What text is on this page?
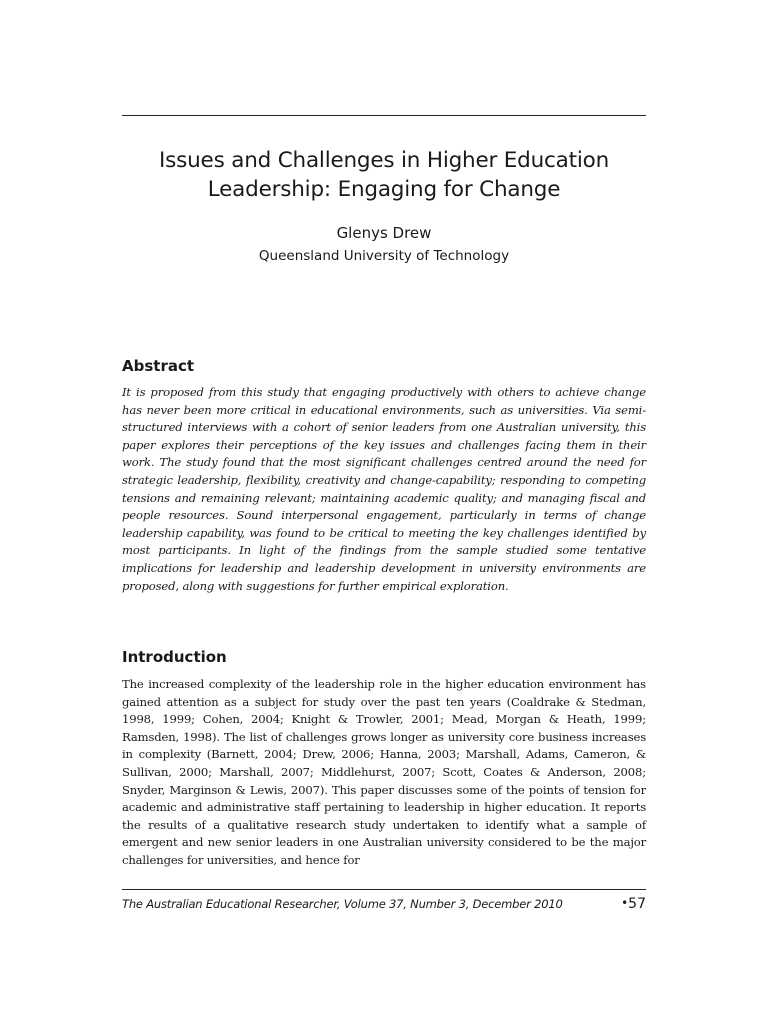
Issues and Challenges in Higher Education
Leadership: Engaging for Change
Glenys Drew
Queensland University of Technology
Abstract

It is proposed from this study that engaging productively with others to achieve change has never been more critical in educational environments, such as universities. Via semi-structured interviews with a cohort of senior leaders from one Australian university, this paper explores their perceptions of the key issues and challenges facing them in their work. The study found that the most significant challenges centred around the need for strategic leadership, flexibility, creativity and change-capability; responding to competing tensions and remaining relevant; maintaining academic quality; and managing fiscal and people resources. Sound interpersonal engagement, particularly in terms of change leadership capability, was found to be critical to meeting the key challenges identified by most participants. In light of the findings from the sample studied some tentative implications for leadership and leadership development in university environments are proposed, along with suggestions for further empirical exploration.

Introduction

The increased complexity of the leadership role in the higher education environment has gained attention as a subject for study over the past ten years (Coaldrake & Stedman, 1998, 1999; Cohen, 2004; Knight & Trowler, 2001; Mead, Morgan & Heath, 1999; Ramsden, 1998). The list of challenges grows longer as university core business increases in complexity (Barnett, 2004; Drew, 2006; Hanna, 2003; Marshall, Adams, Cameron, & Sullivan, 2000; Marshall, 2007; Middlehurst, 2007; Scott, Coates & Anderson, 2008; Snyder, Marginson & Lewis, 2007). This paper discusses some of the points of tension for academic and administrative staff pertaining to leadership in higher education. It reports the results of a qualitative research study undertaken to identify what a sample of emergent and new senior leaders in one Australian university considered to be the major challenges for universities, and hence for

The Australian Educational Researcher, Volume 37, Number 3, December 2010	•57
